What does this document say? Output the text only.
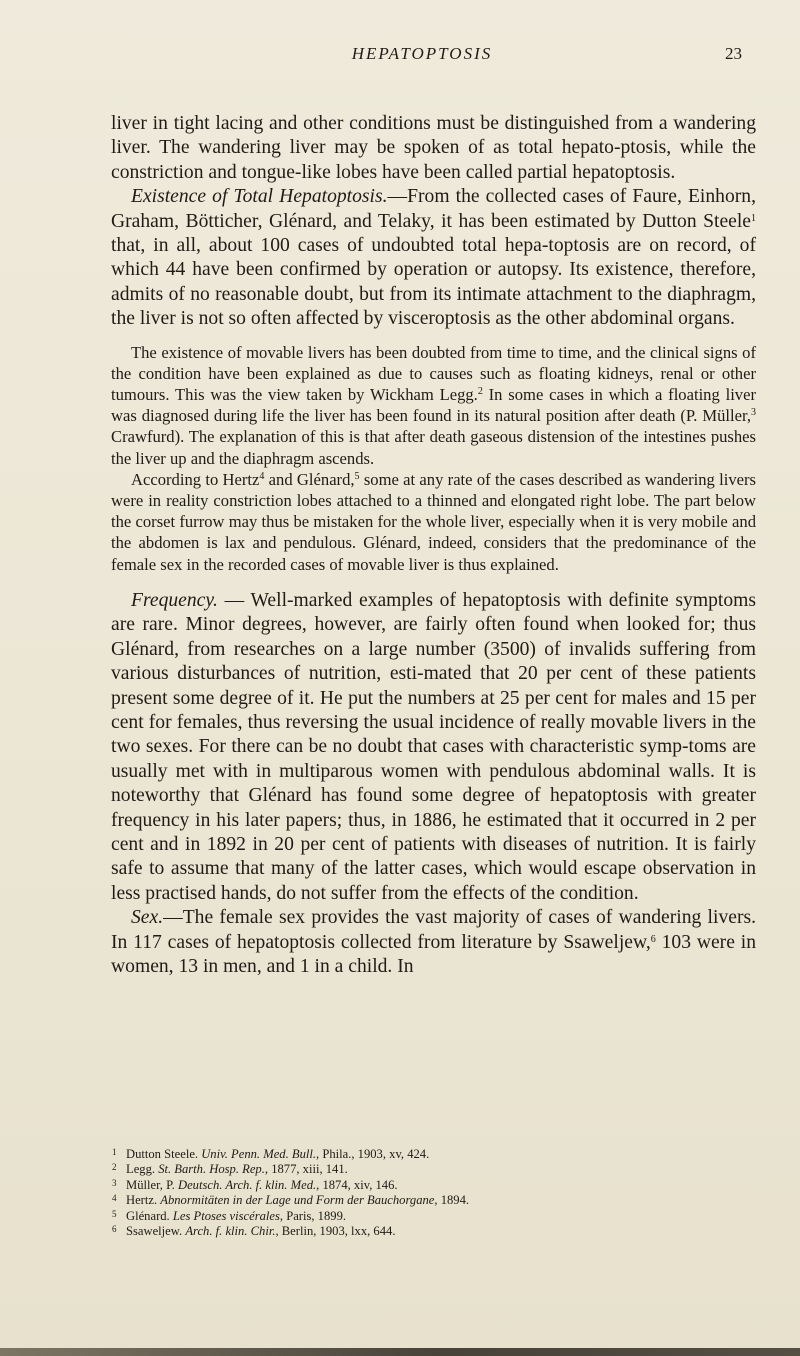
HEPATOPTOSIS	23

liver in tight lacing and other conditions must be distinguished from a wandering liver. The wandering liver may be spoken of as total hepato-ptosis, while the constriction and tongue-like lobes have been called partial hepatoptosis.

Existence of Total Hepatoptosis.—From the collected cases of Faure, Einhorn, Graham, Bötticher, Glénard, and Telaky, it has been estimated by Dutton Steele$^1$ that, in all, about 100 cases of undoubted total hepa-toptosis are on record, of which 44 have been confirmed by operation or autopsy. Its existence, therefore, admits of no reasonable doubt, but from its intimate attachment to the diaphragm, the liver is not so often affected by visceroptosis as the other abdominal organs.

The existence of movable livers has been doubted from time to time, and the clinical signs of the condition have been explained as due to causes such as floating kidneys, renal or other tumours. This was the view taken by Wickham Legg.$^2$ In some cases in which a floating liver was diagnosed during life the liver has been found in its natural position after death (P. Müller,$^3$ Crawfurd). The explanation of this is that after death gaseous distension of the intestines pushes the liver up and the diaphragm ascends.

According to Hertz$^4$ and Glénard,$^5$ some at any rate of the cases described as wandering livers were in reality constriction lobes attached to a thinned and elongated right lobe. The part below the corset furrow may thus be mistaken for the whole liver, especially when it is very mobile and the abdomen is lax and pendulous. Glénard, indeed, considers that the predominance of the female sex in the recorded cases of movable liver is thus explained.

Frequency. — Well-marked examples of hepatoptosis with definite symptoms are rare. Minor degrees, however, are fairly often found when looked for; thus Glénard, from researches on a large number (3500) of invalids suffering from various disturbances of nutrition, esti-mated that 20 per cent of these patients present some degree of it. He put the numbers at 25 per cent for males and 15 per cent for females, thus reversing the usual incidence of really movable livers in the two sexes. For there can be no doubt that cases with characteristic symp-toms are usually met with in multiparous women with pendulous abdominal walls. It is noteworthy that Glénard has found some degree of hepatoptosis with greater frequency in his later papers; thus, in 1886, he estimated that it occurred in 2 per cent and in 1892 in 20 per cent of patients with diseases of nutrition. It is fairly safe to assume that many of the latter cases, which would escape observation in less practised hands, do not suffer from the effects of the condition.

Sex.—The female sex provides the vast majority of cases of wandering livers. In 117 cases of hepatoptosis collected from literature by Ssaweljew,$^6$ 103 were in women, 13 in men, and 1 in a child. In

1 Dutton Steele. Univ. Penn. Med. Bull., Phila., 1903, xv, 424.

2 Legg. St. Barth. Hosp. Rep., 1877, xiii, 141.

3 Müller, P. Deutsch. Arch. f. klin. Med., 1874, xiv, 146.

4 Hertz. Abnormitäten in der Lage und Form der Bauchorgane, 1894.

5 Glénard. Les Ptoses viscérales, Paris, 1899.

6 Ssaweljew. Arch. f. klin. Chir., Berlin, 1903, lxx, 644.
